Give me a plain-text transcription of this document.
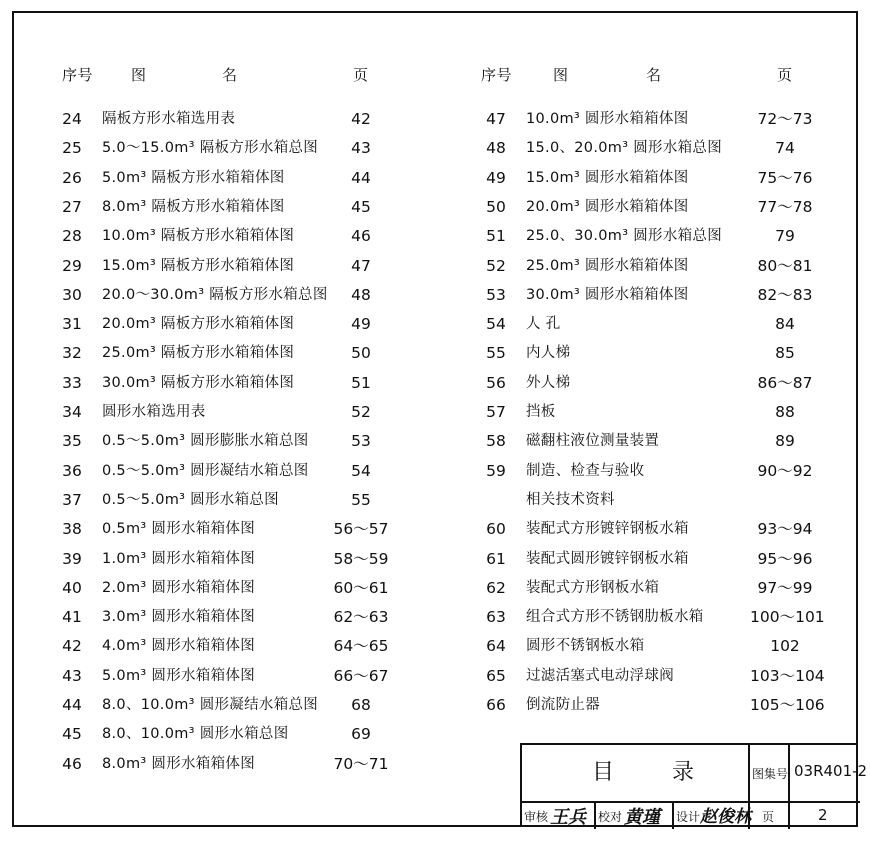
序号	图	名	页	序号	图	名	页
24	隔板方形水箱选用表	42
25	5.0～15.0m³ 隔板方形水箱总图	43
26	5.0m³ 隔板方形水箱箱体图	44
27	8.0m³ 隔板方形水箱箱体图	45
28	10.0m³ 隔板方形水箱箱体图	46
29	15.0m³ 隔板方形水箱箱体图	47
30	20.0～30.0m³ 隔板方形水箱总图	48
31	20.0m³ 隔板方形水箱箱体图	49
32	25.0m³ 隔板方形水箱箱体图	50
33	30.0m³ 隔板方形水箱箱体图	51
34	圆形水箱选用表	52
35	0.5～5.0m³ 圆形膨胀水箱总图	53
36	0.5～5.0m³ 圆形凝结水箱总图	54
37	0.5～5.0m³ 圆形水箱总图	55
38	0.5m³ 圆形水箱箱体图	56～57
39	1.0m³ 圆形水箱箱体图	58～59
40	2.0m³ 圆形水箱箱体图	60～61
41	3.0m³ 圆形水箱箱体图	62～63
42	4.0m³ 圆形水箱箱体图	64～65
43	5.0m³ 圆形水箱箱体图	66～67
44	8.0、10.0m³ 圆形凝结水箱总图	68
45	8.0、10.0m³ 圆形水箱总图	69
46	8.0m³ 圆形水箱箱体图	70～71
47	10.0m³ 圆形水箱箱体图	72～73
48	15.0、20.0m³ 圆形水箱总图	74
49	15.0m³ 圆形水箱箱体图	75～76
50	20.0m³ 圆形水箱箱体图	77～78
51	25.0、30.0m³ 圆形水箱总图	79
52	25.0m³ 圆形水箱箱体图	80～81
53	30.0m³ 圆形水箱箱体图	82～83
54	人 孔	84
55	内人梯	85
56	外人梯	86～87
57	挡板	88
58	磁翻柱液位测量装置	89
59	制造、检查与验收	90～92
相关技术资料
60	装配式方形镀锌钢板水箱	93～94
61	装配式圆形镀锌钢板水箱	95～96
62	装配式方形钢板水箱	97～99
63	组合式方形不锈钢肋板水箱	100～101
64	圆形不锈钢板水箱	102
65	过滤活塞式电动浮球阀	103～104
66	倒流防止器	105～106
目　录	图集号 03R401-2
审核 王兵 校对 黄瑾 设计 赵俊林 页	2
